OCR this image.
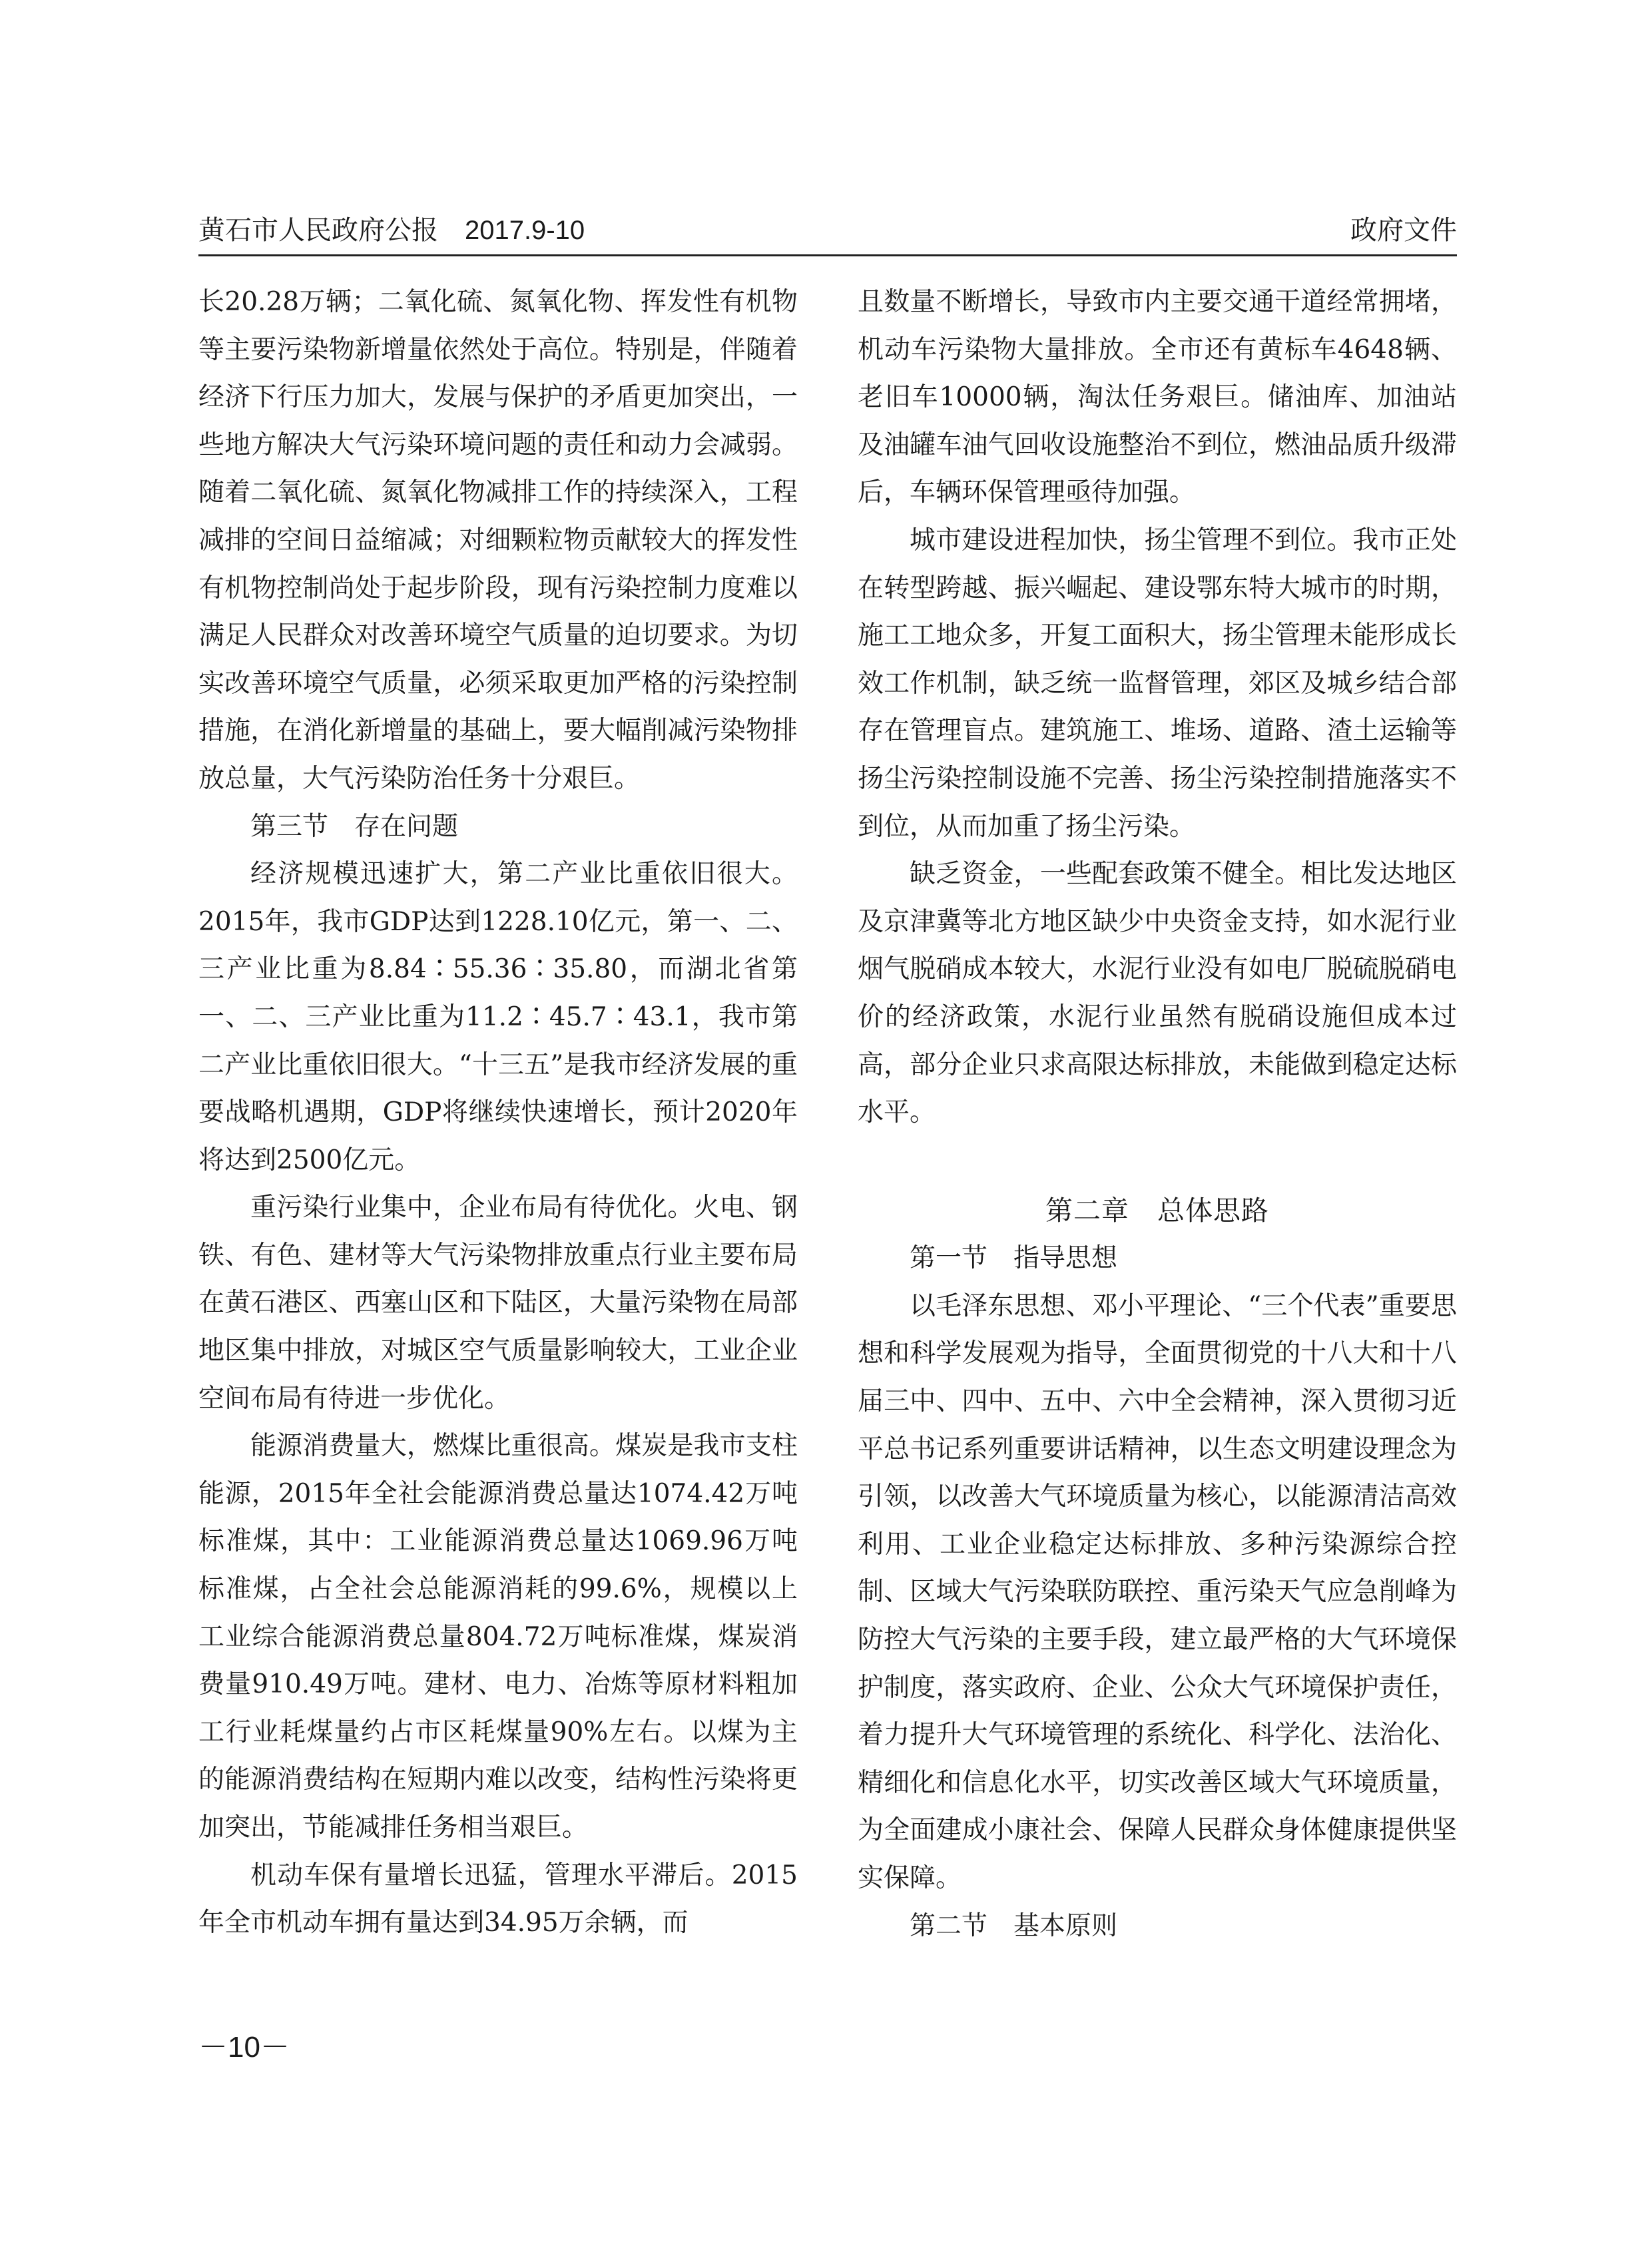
黄石市人民政府公报 2017.9-10	政府文件

长20.28万辆；二氧化硫、氮氧化物、挥发性有机物等主要污染物新增量依然处于高位。特别是，伴随着经济下行压力加大，发展与保护的矛盾更加突出，一些地方解决大气污染环境问题的责任和动力会减弱。随着二氧化硫、氮氧化物减排工作的持续深入，工程减排的空间日益缩减；对细颗粒物贡献较大的挥发性有机物控制尚处于起步阶段，现有污染控制力度难以满足人民群众对改善环境空气质量的迫切要求。为切实改善环境空气质量，必须采取更加严格的污染控制措施，在消化新增量的基础上，要大幅削减污染物排放总量，大气污染防治任务十分艰巨。

第三节　存在问题

经济规模迅速扩大，第二产业比重依旧很大。2015年，我市GDP达到1228.10亿元，第一、二、三产业比重为8.84∶55.36∶35.80，而湖北省第一、二、三产业比重为11.2∶45.7∶43.1，我市第二产业比重依旧很大。“十三五”是我市经济发展的重要战略机遇期，GDP将继续快速增长，预计2020年将达到2500亿元。

重污染行业集中，企业布局有待优化。火电、钢铁、有色、建材等大气污染物排放重点行业主要布局在黄石港区、西塞山区和下陆区，大量污染物在局部地区集中排放，对城区空气质量影响较大，工业企业空间布局有待进一步优化。

能源消费量大，燃煤比重很高。煤炭是我市支柱能源，2015年全社会能源消费总量达1074.42万吨标准煤，其中：工业能源消费总量达1069.96万吨标准煤，占全社会总能源消耗的99.6%，规模以上工业综合能源消费总量804.72万吨标准煤，煤炭消费量910.49万吨。建材、电力、冶炼等原材料粗加工行业耗煤量约占市区耗煤量90%左右。以煤为主的能源消费结构在短期内难以改变，结构性污染将更加突出，节能减排任务相当艰巨。

机动车保有量增长迅猛，管理水平滞后。2015年全市机动车拥有量达到34.95万余辆，而

且数量不断增长，导致市内主要交通干道经常拥堵，机动车污染物大量排放。全市还有黄标车4648辆、老旧车10000辆，淘汰任务艰巨。储油库、加油站及油罐车油气回收设施整治不到位，燃油品质升级滞后，车辆环保管理亟待加强。

城市建设进程加快，扬尘管理不到位。我市正处在转型跨越、振兴崛起、建设鄂东特大城市的时期，施工工地众多，开复工面积大，扬尘管理未能形成长效工作机制，缺乏统一监督管理，郊区及城乡结合部存在管理盲点。建筑施工、堆场、道路、渣土运输等扬尘污染控制设施不完善、扬尘污染控制措施落实不到位，从而加重了扬尘污染。

缺乏资金，一些配套政策不健全。相比发达地区及京津冀等北方地区缺少中央资金支持，如水泥行业烟气脱硝成本较大，水泥行业没有如电厂脱硫脱硝电价的经济政策，水泥行业虽然有脱硝设施但成本过高，部分企业只求高限达标排放，未能做到稳定达标水平。

第二章　总体思路
第一节　指导思想

以毛泽东思想、邓小平理论、“三个代表”重要思想和科学发展观为指导，全面贯彻党的十八大和十八届三中、四中、五中、六中全会精神，深入贯彻习近平总书记系列重要讲话精神，以生态文明建设理念为引领，以改善大气环境质量为核心，以能源清洁高效利用、工业企业稳定达标排放、多种污染源综合控制、区域大气污染联防联控、重污染天气应急削峰为防控大气污染的主要手段，建立最严格的大气环境保护制度，落实政府、企业、公众大气环境保护责任，着力提升大气环境管理的系统化、科学化、法治化、精细化和信息化水平，切实改善区域大气环境质量，为全面建成小康社会、保障人民群众身体健康提供坚实保障。

第二节　基本原则
－10－
